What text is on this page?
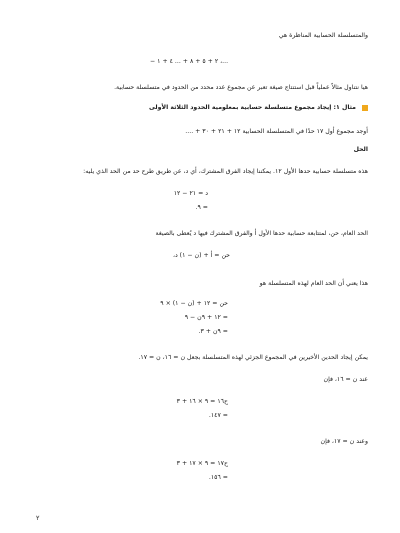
والمتسلسلة الحسابية المناظرة هي
...، ٢ + ٥ + ٨ + ... ٤ + ١ −
هيا نتناول مثالاً عملياً قبل استنتاج صيغة تعبر عن مجموع عدد محدد من الحدود في متسلسلة حسابية.
مثال ١: إيجاد مجموع متسلسلة حسابية بمعلومية الحدود الثلاثة الأولى
أوجد مجموع أول ١٧ حدًا في المتسلسلة الحسابية ١٢ + ٢١ + ٣٠ + ....
الحل
هذه متسلسلة حسابية حدها الأول ١٢. يمكننا إيجاد الفرق المشترك، أي د، عن طريق طرح حد من الحد الذي يليه:
د = ٢١ − ١٢
= ٩.
الحد العام، حن، لمتتابعة حسابية حدها الأول أ والفرق المشترك فيها د يُعطى بالصيغة
حن = أ + (ن − ١) د،
هذا يعني أن الحد العام لهذه المتسلسلة هو
حن = ١٢ + (ن − ١) × ٩
= ١٢ + ٩ن − ٩
= ٩ن + ٣.
يمكن إيجاد الحدين الأخيرين في المجموع الجزئي لهذه المتسلسلة بجعل ن = ١٦، ن = ١٧.
عند ن = ١٦، فإن
ح١٦ = ٩ × ١٦ + ٣
= ١٤٧.
وعند ن = ١٧، فإن
ح١٧ = ٩ × ١٧ + ٣
= ١٥٦.
٢
